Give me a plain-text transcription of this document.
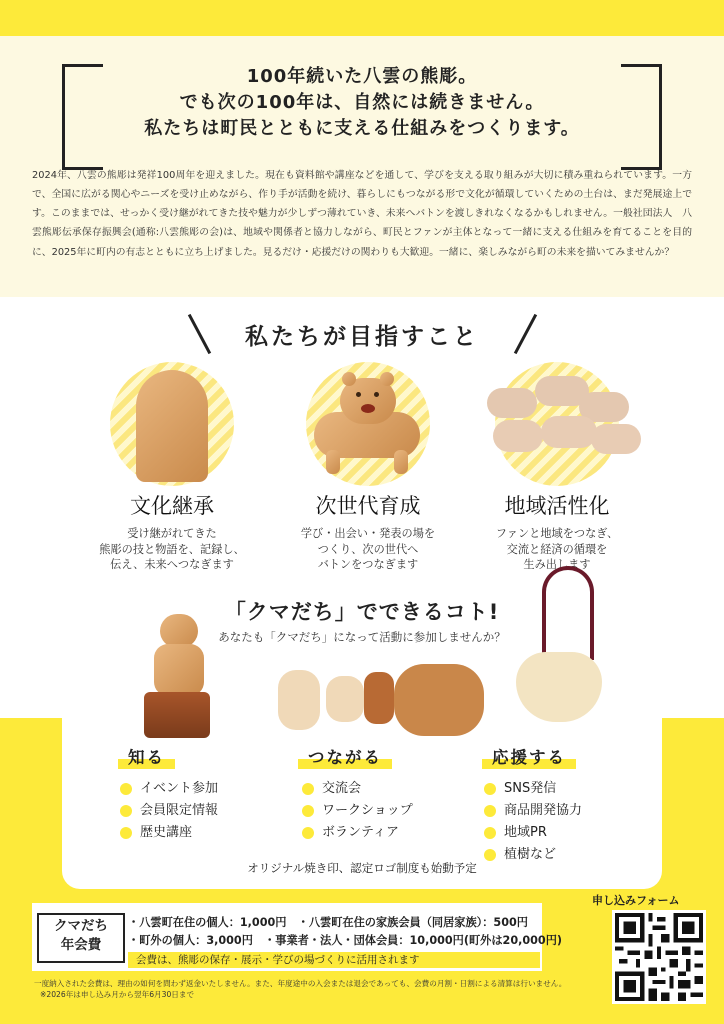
100年続いた八雲の熊彫。
でも次の100年は、自然には続きません。
私たちは町民とともに支える仕組みをつくります。

2024年、八雲の熊彫は発祥100周年を迎えました。現在も資料館や講座などを通して、学びを支える取り組みが大切に積み重ねられています。一方で、全国に広がる関心やニーズを受け止めながら、作り手が活動を続け、暮らしにもつながる形で文化が循環していくための土台は、まだ発展途上です。このままでは、せっかく受け継がれてきた技や魅力が少しずつ薄れていき、未来へバトンを渡しきれなくなるかもしれません。一般社団法人　八雲熊彫伝承保存振興会(通称:八雲熊彫の会)は、地域や関係者と協力しながら、町民とファンが主体となって一緒に支える仕組みを育てることを目的に、2025年に町内の有志とともに立ち上げました。見るだけ・応援だけの関わりも大歓迎。一緒に、楽しみながら町の未来を描いてみませんか？

私たちが目指すこと
文化継承
受け継がれてきた
熊彫の技と物語を、記録し、
伝え、未来へつなぎます
次世代育成
学び・出会い・発表の場を
つくり、次の世代へ
バトンをつなぎます
地域活性化
ファンと地域をつなぎ、
交流と経済の循環を
生み出します
「クマだち」でできるコト!
あなたも「クマだち」になって活動に参加しませんか？
知る
イベント参加
会員限定情報
歴史講座
つながる
交流会
ワークショップ
ボランティア
応援する
SNS発信
商品開発協力
地域PR
植樹など
オリジナル焼き印、認定ロゴ制度も始動予定
クマだち
年会費
・八雲町在住の個人：1,000円　・八雲町在住の家族会員（同居家族）：500円
・町外の個人：3,000円　・事業者・法人・団体会員：10,000円(町外は20,000円)
会費は、熊彫の保存・展示・学びの場づくりに活用されます
一度納入された会費は、理由の如何を問わず返金いたしません。また、年度途中の入会または退会であっても、会費の月割・日割による清算は行いません。
※2026年は申し込み月から翌年6月30日まで
申し込みフォーム
